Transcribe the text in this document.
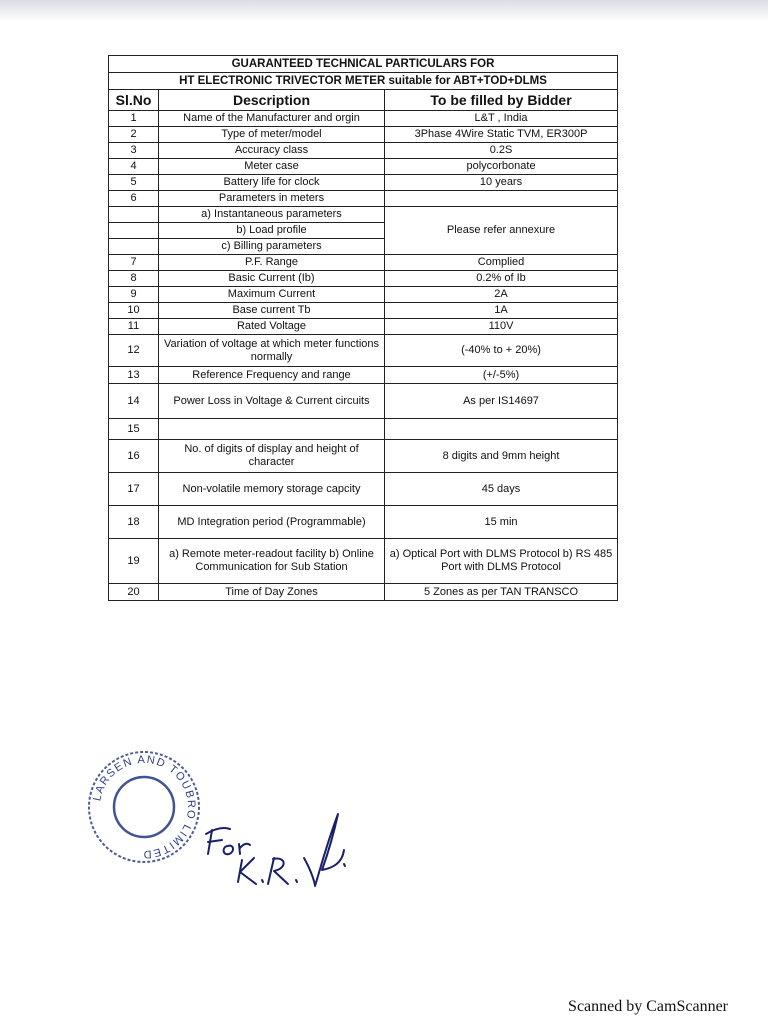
GUARANTEED TECHNICAL PARTICULARS FOR		
HT ELECTRONIC TRIVECTOR METER suitable for ABT+TOD+DLMS		
Sl.No	Description	To be filled by Bidder
1	Name of the Manufacturer and orgin	L&T , India
2	Type of meter/model	3Phase 4Wire Static TVM, ER300P
3	Accuracy class	0.2S
4	Meter case	polycorbonate
5	Battery life for clock	10 years
6	Parameters in meters	
	a) Instantaneous parameters	Please refer annexure
	b) Load profile	
	c) Billing parameters	
7	P.F. Range	Complied
8	Basic Current (Ib)	0.2% of Ib
9	Maximum Current	2A
10	Base current Tb	1A
11	Rated Voltage	110V
12	Variation of voltage at which meter functions normally	(-40% to + 20%)
13	Reference Frequency and range	(+/-5%)
14	Power Loss in Voltage & Current circuits	As per IS14697
15		
16	No. of digits of display and height of character	8 digits and 9mm height
17	Non-volatile memory storage capcity	45 days
18	MD Integration period (Programmable)	15 min
19	a) Remote meter-readout facility b) Online Communication for Sub Station	a) Optical Port with DLMS Protocol b) RS 485 Port with DLMS Protocol
20	Time of Day Zones	5 Zones as per TAN TRANSCO
LARSEN AND TOUBRO LIMITED
Scanned by CamScanner
